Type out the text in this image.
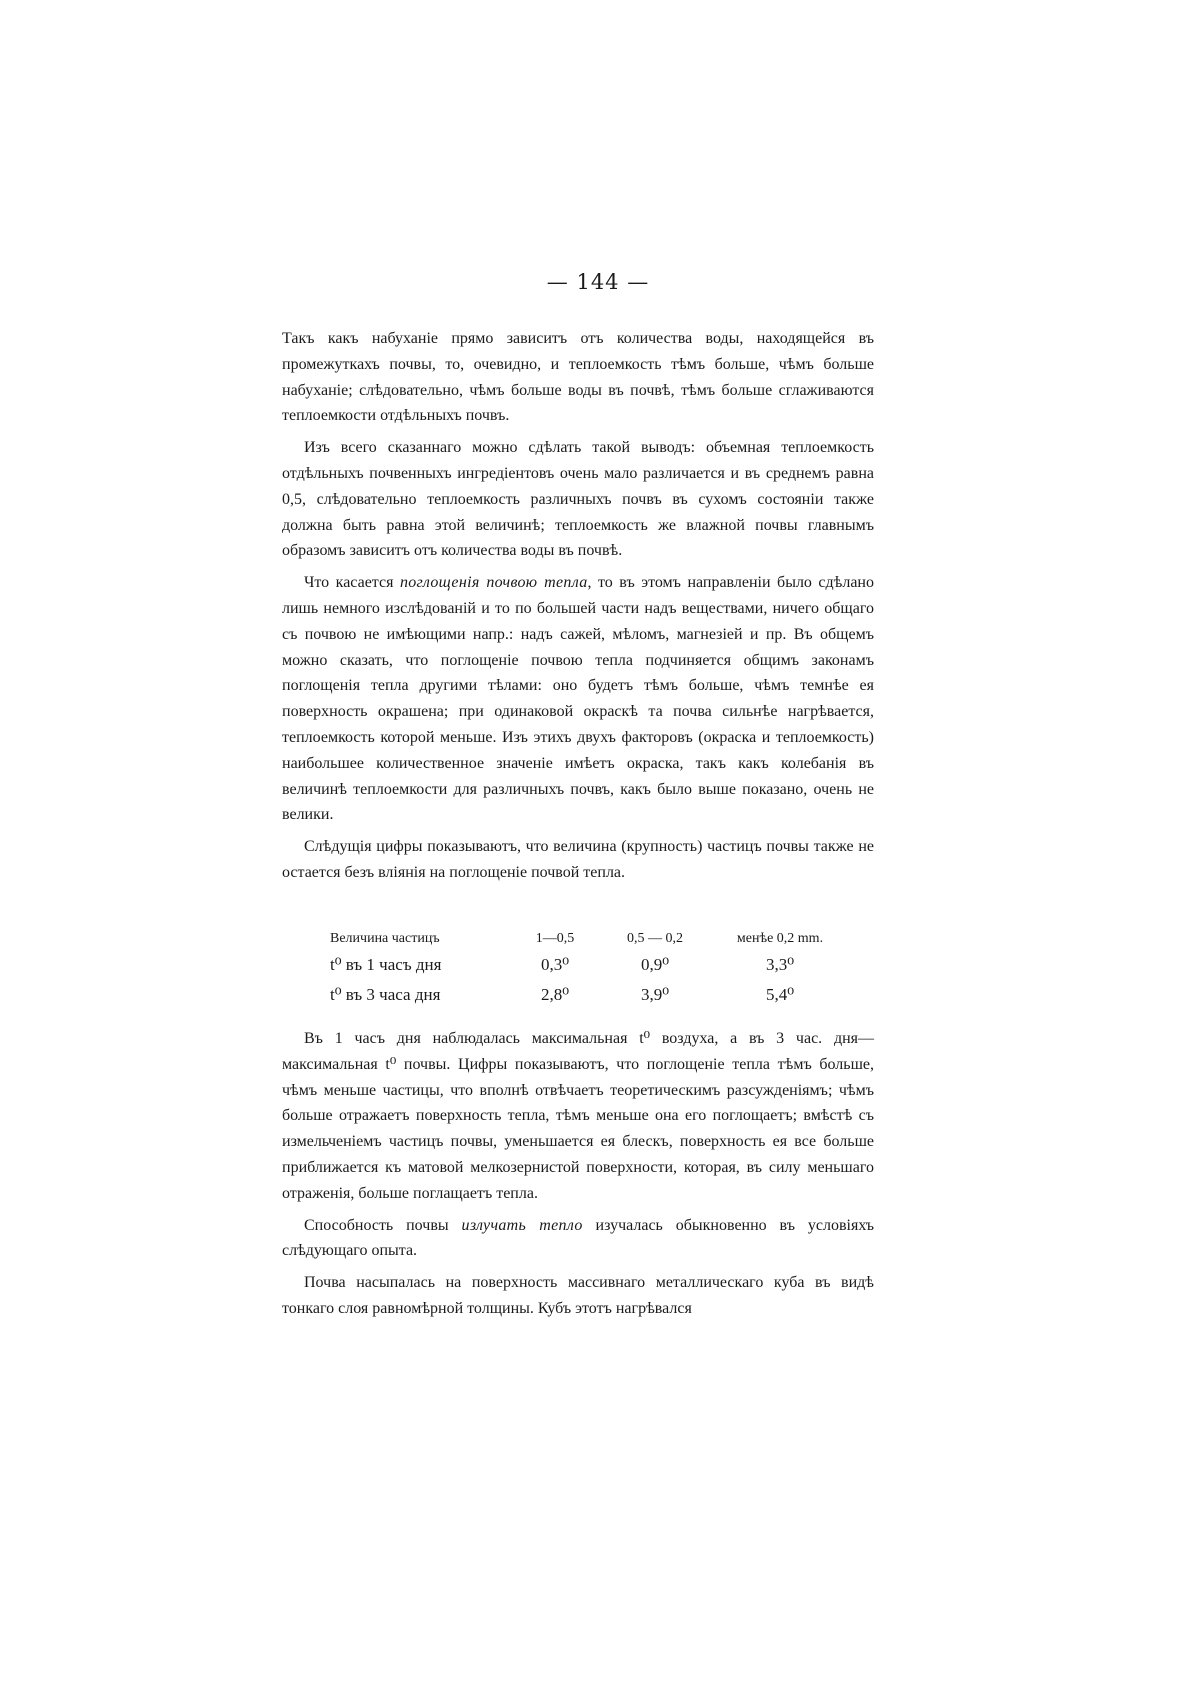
— 144 —

Такъ какъ набуханіе прямо зависитъ отъ количества воды, находящейся въ промежуткахъ почвы, то, очевидно, и теплоемкость тѣмъ больше, чѣмъ больше набуханіе; слѣдовательно, чѣмъ больше воды въ почвѣ, тѣмъ больше сглаживаются теплоемкости отдѣльныхъ почвъ.

Изъ всего сказаннаго можно сдѣлать такой выводъ: объемная теплоемкость отдѣльныхъ почвенныхъ ингредіентовъ очень мало различается и въ среднемъ равна 0,5, слѣдовательно теплоемкость различныхъ почвъ въ сухомъ состояніи также должна быть равна этой величинѣ; теплоемкость же влажной почвы главнымъ образомъ зависитъ отъ количества воды въ почвѣ.

Что касается поглощенія почвою тепла, то въ этомъ направленіи было сдѣлано лишь немного изслѣдованій и то по большей части надъ веществами, ничего общаго съ почвою не имѣющими напр.: надъ сажей, мѣломъ, магнезіей и пр. Въ общемъ можно сказать, что поглощеніе почвою тепла подчиняется общимъ законамъ поглощенія тепла другими тѣлами: оно будетъ тѣмъ больше, чѣмъ темнѣе ея поверхность окрашена; при одинаковой окраскѣ та почва сильнѣе нагрѣвается, теплоемкость которой меньше. Изъ этихъ двухъ факторовъ (окраска и теплоемкость) наибольшее количественное значеніе имѣетъ окраска, такъ какъ колебанія въ величинѣ теплоемкости для различныхъ почвъ, какъ было выше показано, очень не велики.

Слѣдущія цифры показываютъ, что величина (крупность) частицъ почвы также не остается безъ вліянія на поглощеніе почвой тепла.

Величина частицъ	1—0,5	0,5 — 0,2	менѣе 0,2 mm.
t⁰ въ 1 часъ дня	0,3⁰	0,9⁰	3,3⁰
t⁰ въ 3 часа дня	2,8⁰	3,9⁰	5,4⁰

Въ 1 часъ дня наблюдалась максимальная t⁰ воздуха, а въ 3 час. дня—максимальная t⁰ почвы. Цифры показываютъ, что поглощеніе тепла тѣмъ больше, чѣмъ меньше частицы, что вполнѣ отвѣчаетъ теоретическимъ разсужденіямъ; чѣмъ больше отражаетъ поверхность тепла, тѣмъ меньше она его поглощаетъ; вмѣстѣ съ измельченіемъ частицъ почвы, уменьшается ея блескъ, поверхность ея все больше приближается къ матовой мелкозернистой поверхности, которая, въ силу меньшаго отраженія, больше поглащаетъ тепла.

Способность почвы излучать тепло изучалась обыкновенно въ условіяхъ слѣдующаго опыта.

Почва насыпалась на поверхность массивнаго металлическаго куба въ видѣ тонкаго слоя равномѣрной толщины. Кубъ этотъ нагрѣвался
